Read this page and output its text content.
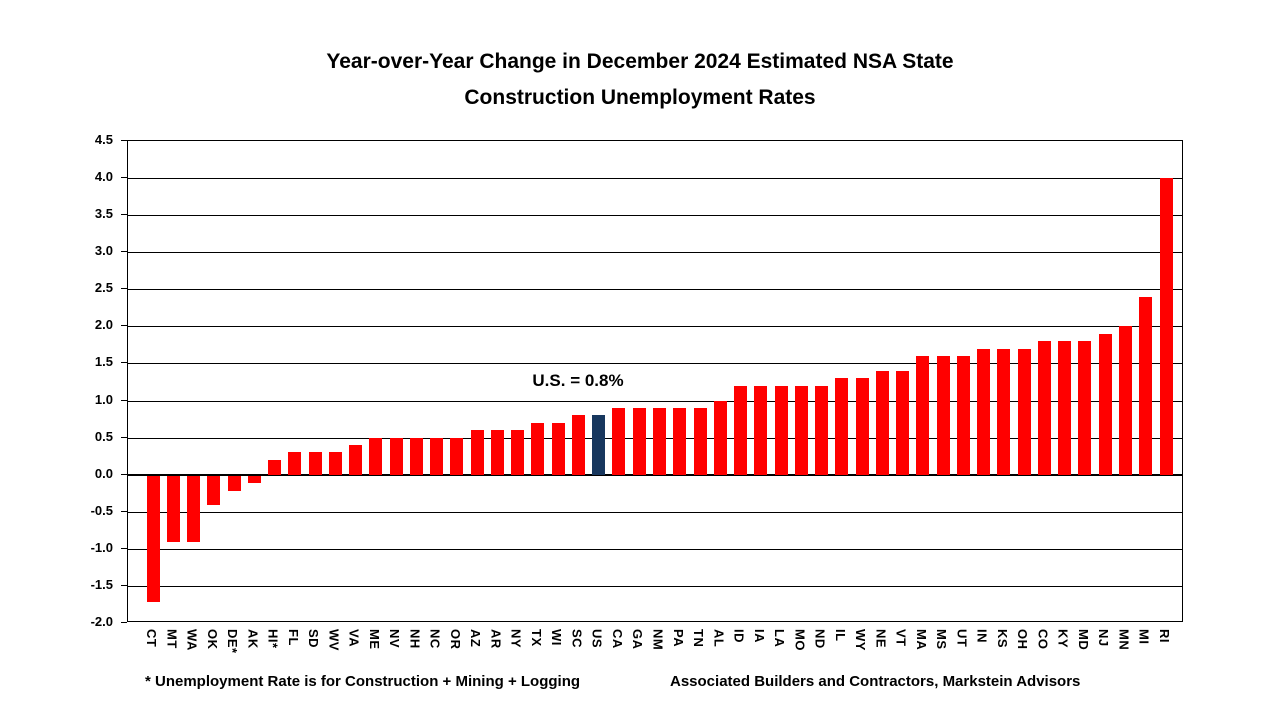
Year-over-Year Change in December 2024 Estimated NSA State
Construction Unemployment Rates
U.S. = 0.8%
* Unemployment Rate is for Construction + Mining + Logging	Associated Builders and Contractors, Markstein Advisors
4.5
4.0
3.5
3.0
2.5
2.0
1.5
1.0
0.5
0.0
-0.5
-1.0
-1.5
-2.0
CT MT WA OK DE* AK HI* FL SD WV VA ME NV NH NC OR AZ AR NY TX WI SC US CA GA NM PA TN AL ID IA LA MO ND IL WY NE VT MA MS UT IN KS OH CO KY MD NJ MN MI RI
